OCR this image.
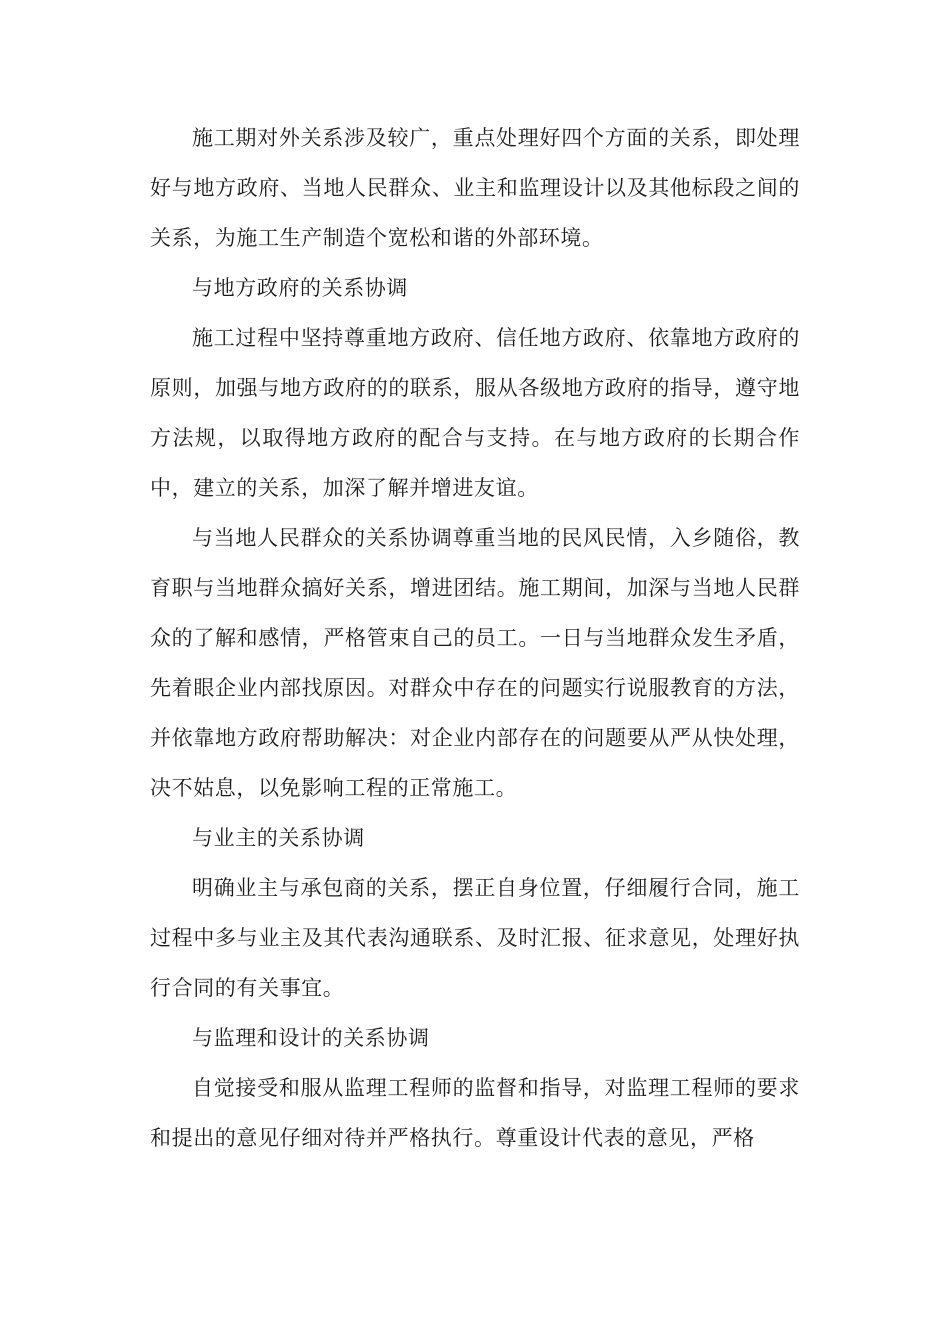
施工期对外关系涉及较广，重点处理好四个方面的关系，即处理好与地方政府、当地人民群众、业主和监理设计以及其他标段之间的关系，为施工生产制造个宽松和谐的外部环境。

与地方政府的关系协调

施工过程中坚持尊重地方政府、信任地方政府、依靠地方政府的原则，加强与地方政府的的联系，服从各级地方政府的指导，遵守地方法规，以取得地方政府的配合与支持。在与地方政府的长期合作中，建立的关系，加深了解并增进友谊。

与当地人民群众的关系协调尊重当地的民风民情，入乡随俗，教育职与当地群众搞好关系，增进团结。施工期间，加深与当地人民群众的了解和感情，严格管束自己的员工。一日与当地群众发生矛盾，先着眼企业内部找原因。对群众中存在的问题实行说服教育的方法，并依靠地方政府帮助解决：对企业内部存在的问题要从严从快处理，决不姑息，以免影响工程的正常施工。

与业主的关系协调

明确业主与承包商的关系，摆正自身位置，仔细履行合同，施工过程中多与业主及其代表沟通联系、及时汇报、征求意见，处理好执行合同的有关事宜。

与监理和设计的关系协调

自觉接受和服从监理工程师的监督和指导，对监理工程师的要求和提出的意见仔细对待并严格执行。尊重设计代表的意见，严格
